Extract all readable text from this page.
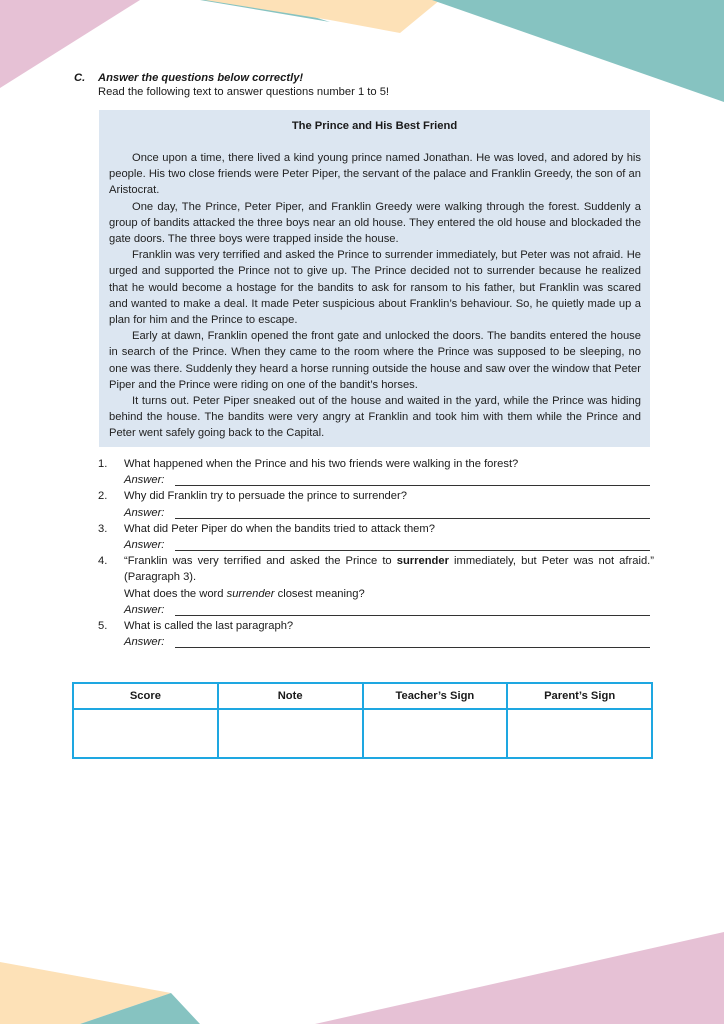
C. Answer the questions below correctly!
Read the following text to answer questions number 1 to 5!
The Prince and His Best Friend

Once upon a time, there lived a kind young prince named Jonathan. He was loved, and adored by his people. His two close friends were Peter Piper, the servant of the palace and Franklin Greedy, the son of an Aristocrat.

One day, The Prince, Peter Piper, and Franklin Greedy were walking through the forest. Suddenly a group of bandits attacked the three boys near an old house. They entered the old house and blockaded the gate doors. The three boys were trapped inside the house.

Franklin was very terrified and asked the Prince to surrender immediately, but Peter was not afraid. He urged and supported the Prince not to give up. The Prince decided not to surrender because he realized that he would become a hostage for the bandits to ask for ransom to his father, but Franklin was scared and wanted to make a deal. It made Peter suspicious about Franklin’s behaviour. So, he quietly made up a plan for him and the Prince to escape.

Early at dawn, Franklin opened the front gate and unlocked the doors. The bandits entered the house in search of the Prince. When they came to the room where the Prince was supposed to be sleeping, no one was there. Suddenly they heard a horse running outside the house and saw over the window that Peter Piper and the Prince were riding on one of the bandit’s horses.

It turns out. Peter Piper sneaked out of the house and waited in the yard, while the Prince was hiding behind the house. The bandits were very angry at Franklin and took him with them while the Prince and Peter went safely going back to the Capital.

1. What happened when the Prince and his two friends were walking in the forest?
Answer:
2. Why did Franklin try to persuade the prince to surrender?
Answer:
3. What did Peter Piper do when the bandits tried to attack them?
Answer:
4. “Franklin was very terrified and asked the Prince to surrender immediately, but Peter was not afraid.” (Paragraph 3).
What does the word surrender closest meaning?
Answer:
5. What is called the last paragraph?
Answer:
Score	Note	Teacher’s Sign	Parent’s Sign
